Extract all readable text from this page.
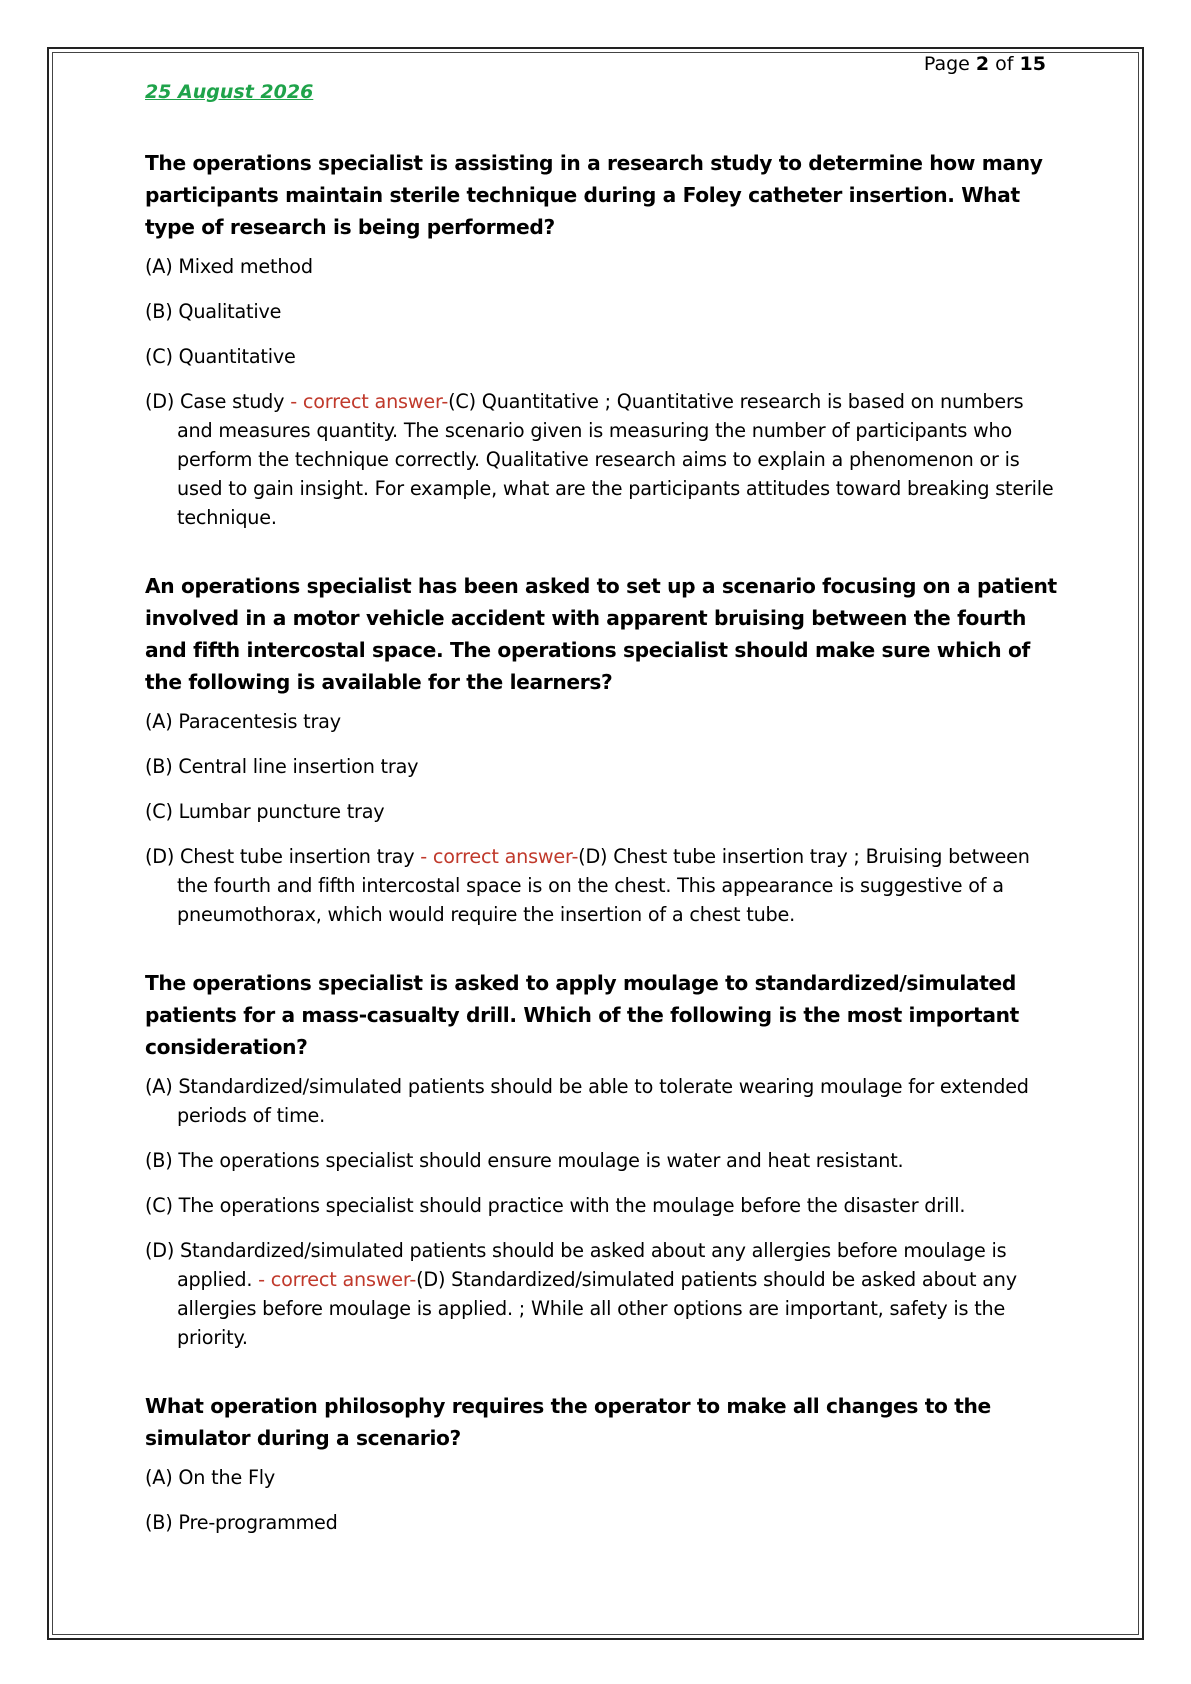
Page 2 of 15
25 August 2026
The operations specialist is assisting in a research study to determine how many participants maintain sterile technique during a Foley catheter insertion. What type of research is being performed?
(A) Mixed method
(B) Qualitative
(C) Quantitative
(D) Case study - correct answer-(C) Quantitative ; Quantitative research is based on numbers and measures quantity. The scenario given is measuring the number of participants who perform the technique correctly. Qualitative research aims to explain a phenomenon or is used to gain insight. For example, what are the participants attitudes toward breaking sterile technique.
An operations specialist has been asked to set up a scenario focusing on a patient involved in a motor vehicle accident with apparent bruising between the fourth and fifth intercostal space. The operations specialist should make sure which of the following is available for the learners?
(A) Paracentesis tray
(B) Central line insertion tray
(C) Lumbar puncture tray
(D) Chest tube insertion tray - correct answer-(D) Chest tube insertion tray ; Bruising between the fourth and fifth intercostal space is on the chest. This appearance is suggestive of a pneumothorax, which would require the insertion of a chest tube.
The operations specialist is asked to apply moulage to standardized/simulated patients for a mass-casualty drill. Which of the following is the most important consideration?
(A) Standardized/simulated patients should be able to tolerate wearing moulage for extended periods of time.
(B) The operations specialist should ensure moulage is water and heat resistant.
(C) The operations specialist should practice with the moulage before the disaster drill.
(D) Standardized/simulated patients should be asked about any allergies before moulage is applied. - correct answer-(D) Standardized/simulated patients should be asked about any allergies before moulage is applied. ; While all other options are important, safety is the priority.
What operation philosophy requires the operator to make all changes to the simulator during a scenario?
(A) On the Fly
(B) Pre-programmed
